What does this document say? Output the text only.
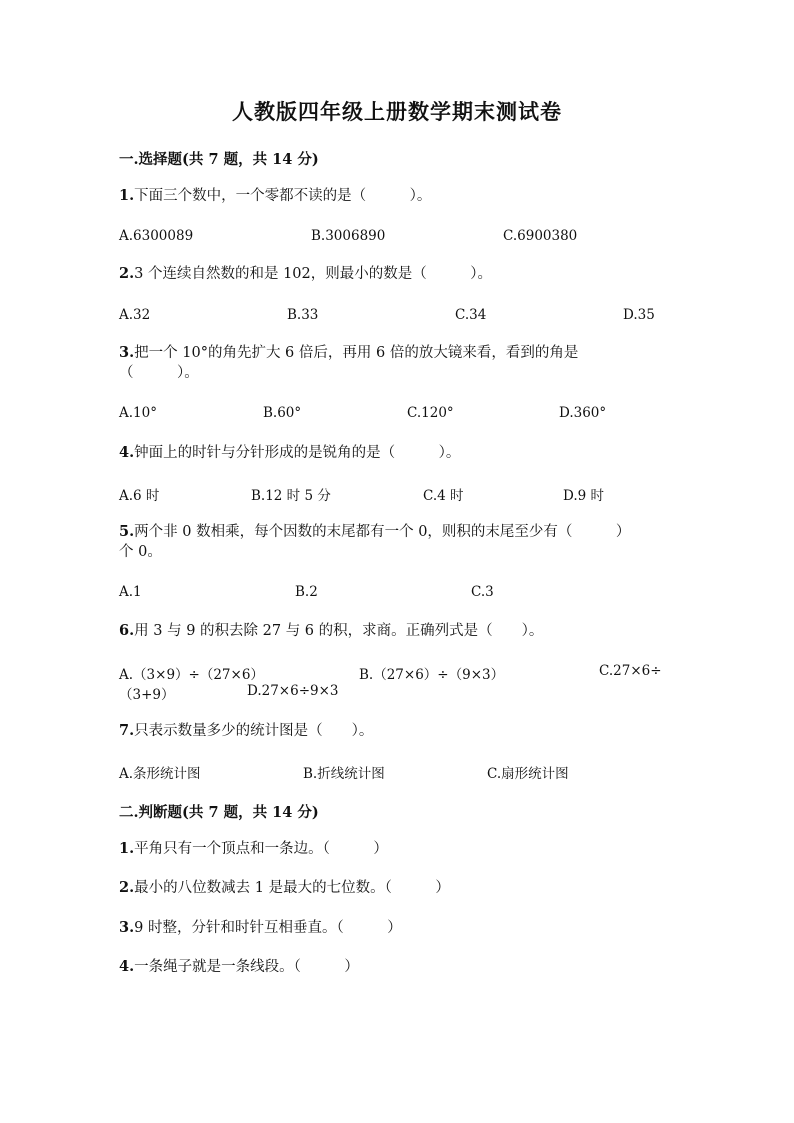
人教版四年级上册数学期末测试卷
一.选择题(共 7 题，共 14 分)
1.下面三个数中，一个零都不读的是（　　　）。
A.6300089	B.3006890	C.6900380
2.3 个连续自然数的和是 102，则最小的数是（　　　）。
A.32	B.33	C.34	D.35
3.把一个 10°的角先扩大 6 倍后，再用 6 倍的放大镜来看，看到的角是
（　　　）。
A.10°	B.60°	C.120°	D.360°
4.钟面上的时针与分针形成的是锐角的是（　　　）。
A.6 时	B.12 时 5 分	C.4 时	D.9 时
5.两个非 0 数相乘，每个因数的末尾都有一个 0，则积的末尾至少有（　　　）
个 0。
A.1	B.2	C.3
6.用 3 与 9 的积去除 27 与 6 的积，求商。正确列式是（　　）。
A.（3×9）÷（27×6）	B.（27×6）÷（9×3）	C.27×6÷
（3+9）	D.27×6÷9×3
7.只表示数量多少的统计图是（　　）。
A.条形统计图	B.折线统计图	C.扇形统计图
二.判断题(共 7 题，共 14 分)
1.平角只有一个顶点和一条边。（　　　）
2.最小的八位数减去 1 是最大的七位数。（　　　）
3.9 时整，分针和时针互相垂直。（　　　）
4.一条绳子就是一条线段。（　　　）
